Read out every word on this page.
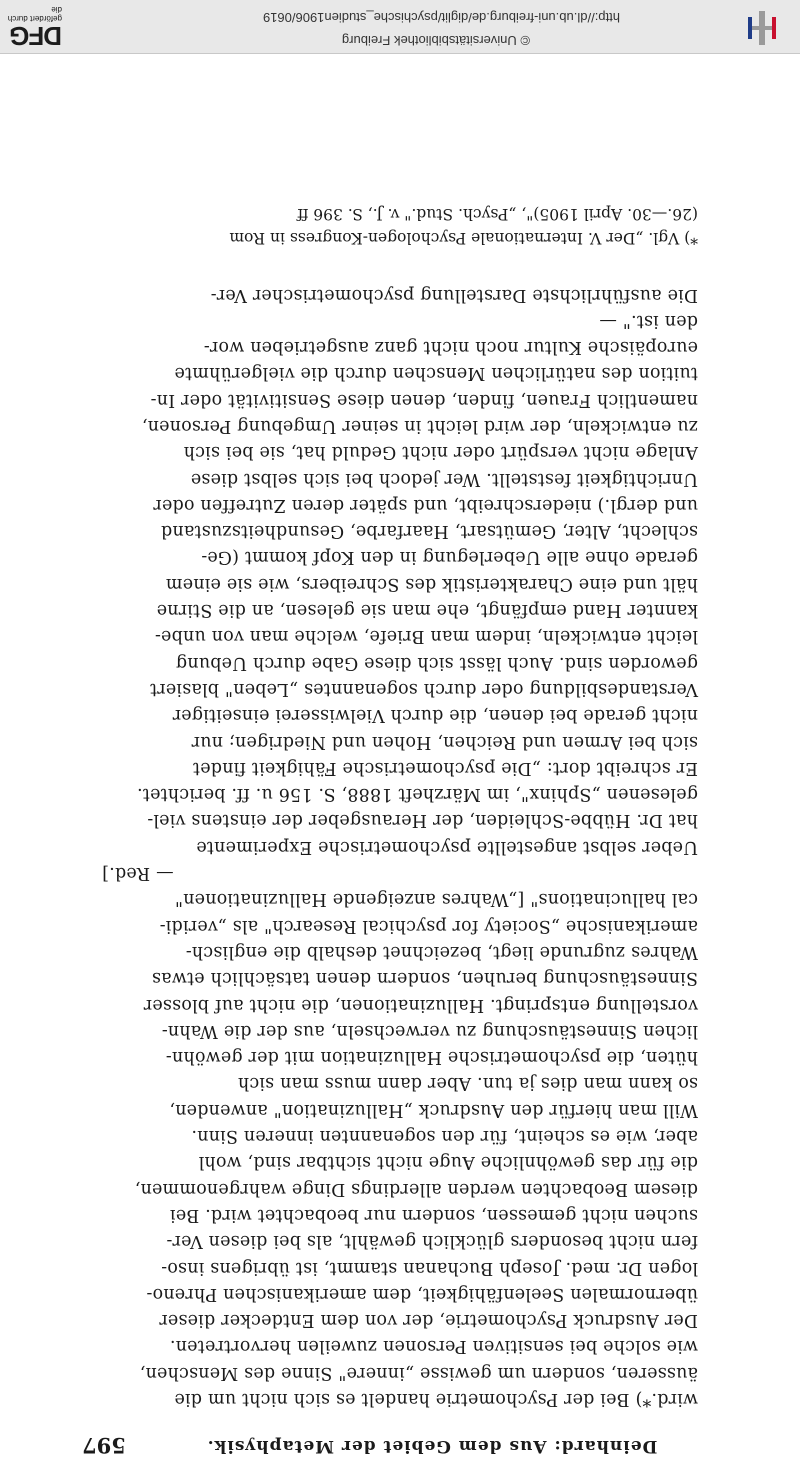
Deinhard: Aus dem Gebiet der Metaphysik.
597
wird.*) Bei der Psychometrie handelt es sich nicht um die
äusseren, sondern um gewisse „innere" Sinne des Menschen,
wie solche bei sensitiven Personen zuweilen hervortreten.
Der Ausdruck Psychometrie, der von dem Entdecker dieser
übernormalen Seelenfähigkeit, dem amerikanischen Phreno-
logen Dr. med. Joseph Buchanan stammt, ist übrigens inso-
fern nicht besonders glücklich gewählt, als bei diesen Ver-
suchen nicht gemessen, sondern nur beobachtet wird. Bei
diesem Beobachten werden allerdings Dinge wahrgenommen,
die für das gewöhnliche Auge nicht sichtbar sind, wohl
aber, wie es scheint, für den sogenannten inneren Sinn.
Will man hierfür den Ausdruck „Halluzination" anwenden,
so kann man dies ja tun. Aber dann muss man sich
hüten, die psychometrische Halluzination mit der gewöhn-
lichen Sinnestäuschung zu verwechseln, aus der die Wahn-
vorstellung entspringt. Halluzinationen, die nicht auf blosser
Sinnestäuschung beruhen, sondern denen tatsächlich etwas
Wahres zugrunde liegt, bezeichnet deshalb die englisch-
amerikanische „Society for psychical Research" als „veridi-
cal hallucinations" [„Wahres anzeigende Halluzinationen"
— Red.]
Ueber selbst angestellte psychometrische Experimente
hat Dr. Hübbe-Schleiden, der Herausgeber der einstens viel-
gelesenen „Sphinx", im Märzheft 1888, S. 156 u. ff. berichtet.
Er schreibt dort: „Die psychometrische Fähigkeit findet
sich bei Armen und Reichen, Hohen und Niedrigen; nur
nicht gerade bei denen, die durch Vielwisserei einseitiger
Verstandesbildung oder durch sogenanntes „Leben" blasiert
geworden sind. Auch lässt sich diese Gabe durch Uebung
leicht entwickeln, indem man Briefe, welche man von unbe-
kannter Hand empfängt, ehe man sie gelesen, an die Stirne
hält und eine Charakteristik des Schreibers, wie sie einem
gerade ohne alle Ueberlegung in den Kopf kommt (Ge-
schlecht, Alter, Gemütsart, Haarfarbe, Gesundheitszustand
und dergl.) niederschreibt, und später deren Zutreffen oder
Unrichtigkeit feststellt. Wer jedoch bei sich selbst diese
Anlage nicht verspürt oder nicht Geduld hat, sie bei sich
zu entwickeln, der wird leicht in seiner Umgebung Personen,
namentlich Frauen, finden, denen diese Sensitivität oder In-
tuition des natürlichen Menschen durch die vielgerühmte
europäische Kultur noch nicht ganz ausgetrieben wor-
den ist." —
Die ausführlichste Darstellung psychometrischer Ver-
*) Vgl. „Der V. Internationale Psychologen-Kongress in Rom
(26.—30. April 1905)", „Psych. Stud." v. J., S. 396 ff
© Universitätsbibliothek Freiburg
http://dl.ub.uni-freiburg.de/diglit/psychische_studien1906/0619
DFG
gefördert durch die
